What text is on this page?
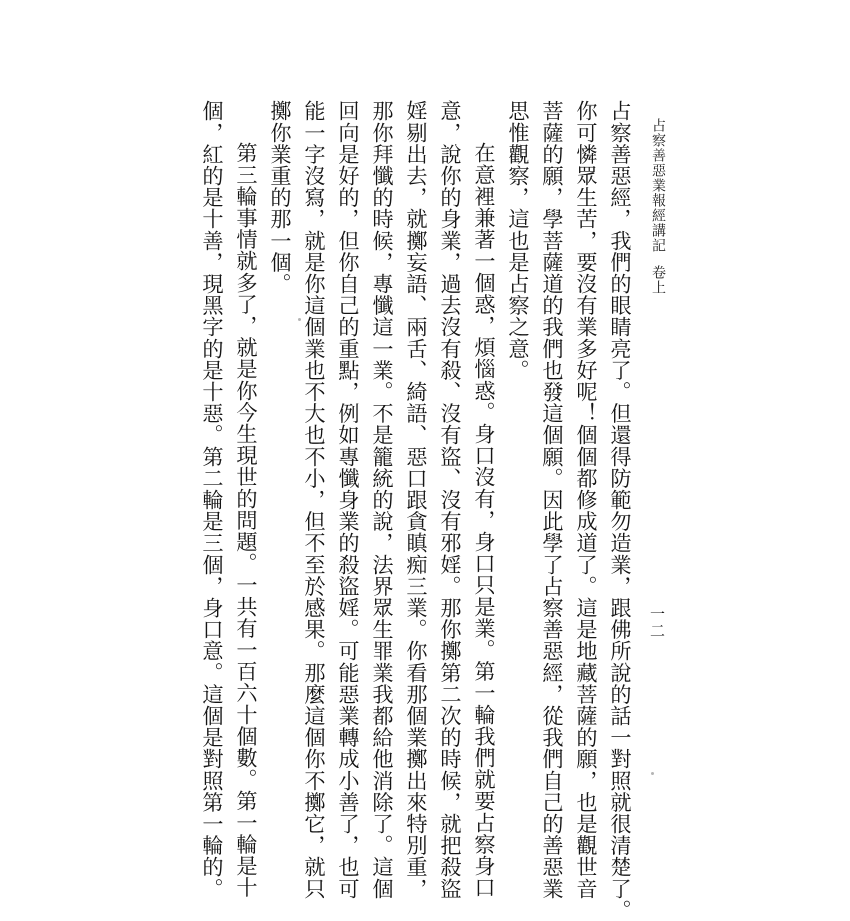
占察善惡業報經講記卷上
一二
占察善惡經，我們的眼睛亮了。但還得防範勿造業，跟佛所說的話一對照就很清楚了。
你可憐眾生苦，要沒有業多好呢！個個都修成道了。這是地藏菩薩的願，也是觀世音
菩薩的願，學菩薩道的我們也發這個願。因此學了占察善惡經，從我們自己的善惡業
思惟觀察，這也是占察之意。
在意裡兼著一個惑，煩惱惑。身口沒有，身口只是業。第一輪我們就要占察身口
意，說你的身業，過去沒有殺、沒有盜、沒有邪婬。那你擲第二次的時候，就把殺盜
婬剔出去，就擲妄語、兩舌、綺語、惡口跟貪瞋痴三業。你看那個業擲出來特別重，
那你拜懺的時候，專懺這一業。不是籠統的說，法界眾生罪業我都給他消除了。這個
回向是好的，但你自己的重點，例如專懺身業的殺盜婬。可能惡業轉成小善了，也可
能一字沒寫，就是你這個業也不大也不小，但不至於感果。那麼這個你不擲它，就只
擲你業重的那一個。
第三輪事情就多了，就是你今生現世的問題。一共有一百六十個數。第一輪是十
個，紅的是十善，現黑字的是十惡。第二輪是三個，身口意。這個是對照第一輪的。
